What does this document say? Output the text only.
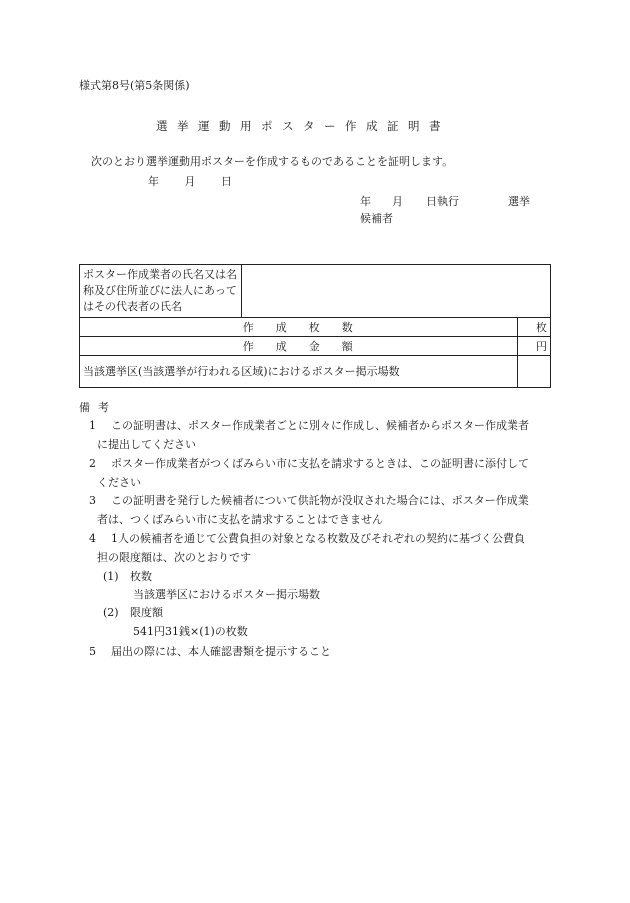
様式第8号(第5条関係)
選挙運動用ポスター作成証明書
次のとおり選挙運動用ポスターを作成するものであることを証明します。
年 月 日
年 月 日執行	選挙
候補者
ポスター作成業者の氏名又は名称及び住所並びに法人にあってはその代表者の氏名		
作成枚数		枚
作成金額		円
当該選挙区(当該選挙が行われる区域)におけるポスター掲示場数		
備考
1 この証明書は、ポスター作成業者ごとに別々に作成し、候補者からポスター作成業者
に提出してください
2 ポスター作成業者がつくばみらい市に支払を請求するときは、この証明書に添付して
ください
3 この証明書を発行した候補者について供託物が没収された場合には、ポスター作成業
者は、つくばみらい市に支払を請求することはできません
4 1人の候補者を通じて公費負担の対象となる枚数及びそれぞれの契約に基づく公費負
担の限度額は、次のとおりです
(1) 枚数
当該選挙区におけるポスター掲示場数
(2) 限度額
541円31銭×(1)の枚数
5 届出の際には、本人確認書類を提示すること
